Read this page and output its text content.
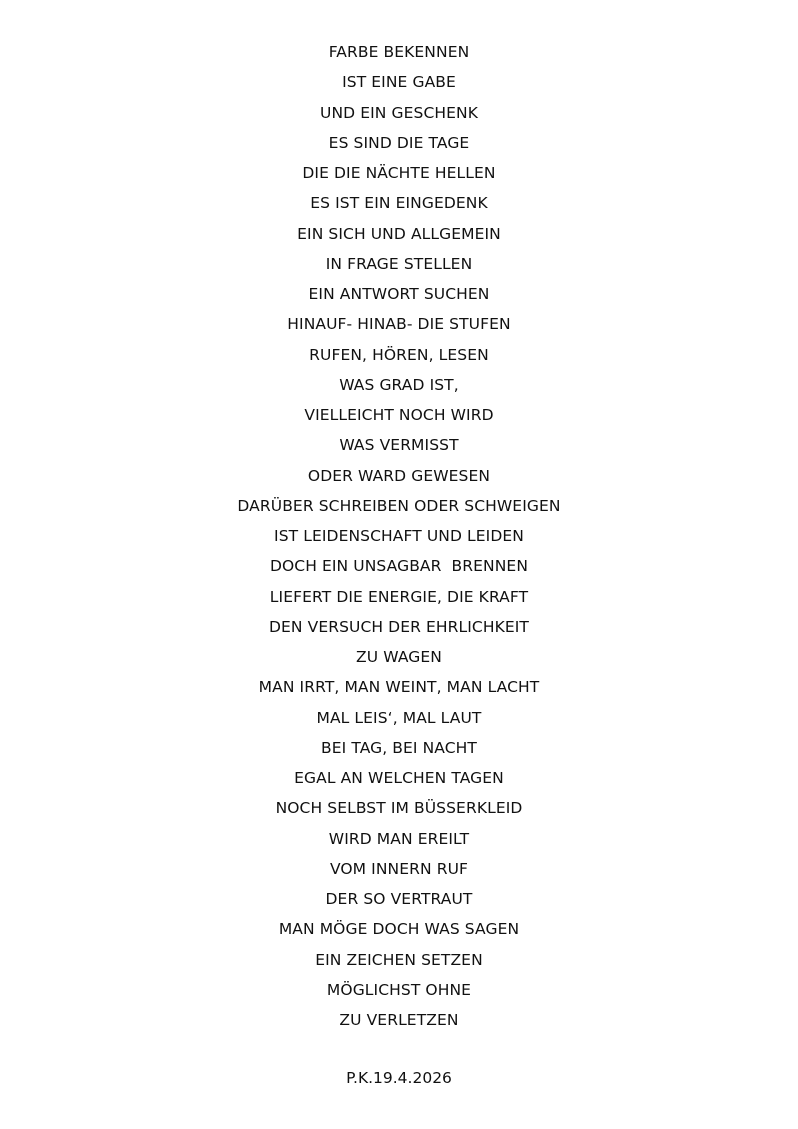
FARBE BEKENNEN
IST EINE GABE
UND EIN GESCHENK
ES SIND DIE TAGE
DIE DIE NÄCHTE HELLEN
ES IST EIN EINGEDENK
EIN SICH UND ALLGEMEIN
IN FRAGE STELLEN
EIN ANTWORT SUCHEN
HINAUF- HINAB- DIE STUFEN
RUFEN, HÖREN, LESEN
WAS GRAD IST,
VIELLEICHT NOCH WIRD
WAS VERMISST
ODER WARD GEWESEN
DARÜBER SCHREIBEN ODER SCHWEIGEN
IST LEIDENSCHAFT UND LEIDEN
DOCH EIN UNSAGBAR  BRENNEN
LIEFERT DIE ENERGIE, DIE KRAFT
DEN VERSUCH DER EHRLICHKEIT
ZU WAGEN
MAN IRRT, MAN WEINT, MAN LACHT
MAL LEIS‘, MAL LAUT
BEI TAG, BEI NACHT
EGAL AN WELCHEN TAGEN
NOCH SELBST IM BÜSSERKLEID
WIRD MAN EREILT
VOM INNERN RUF
DER SO VERTRAUT
MAN MÖGE DOCH WAS SAGEN
EIN ZEICHEN SETZEN
MÖGLICHST OHNE
ZU VERLETZEN

P.K.19.4.2026
